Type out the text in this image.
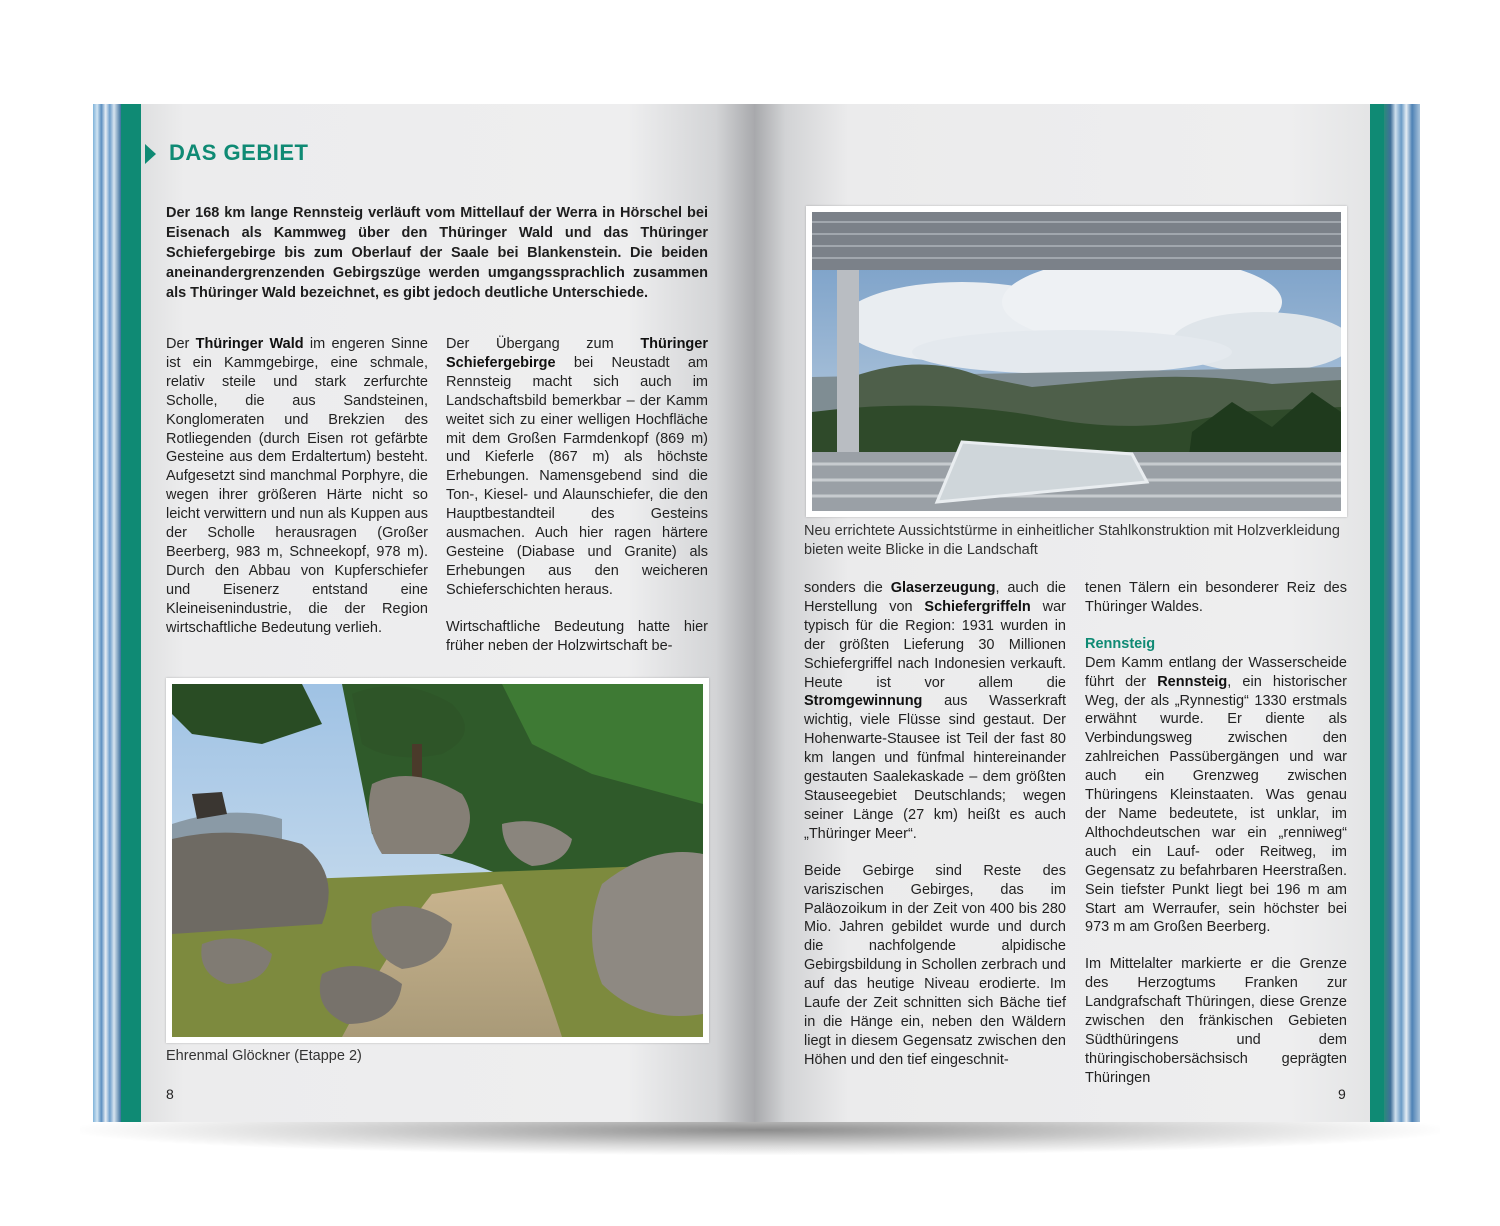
DAS GEBIET
Der 168 km lange Rennsteig verläuft vom Mittellauf der Werra in Hörschel bei Eisenach als Kammweg über den Thüringer Wald und das Thüringer Schiefergebirge bis zum Oberlauf der Saale bei Blankenstein. Die beiden aneinandergrenzenden Gebirgszüge werden umgangssprachlich zusammen als Thüringer Wald bezeichnet, es gibt jedoch deutliche Unterschiede.

Der Thüringer Wald im engeren Sinne ist ein Kammgebirge, eine schmale, relativ steile und stark zerfurchte Scholle, die aus Sandsteinen, Konglomeraten und Brekzien des Rotliegenden (durch Eisen rot gefärbte Gesteine aus dem Erdaltertum) besteht. Aufgesetzt sind manchmal Porphyre, die wegen ihrer größeren Härte nicht so leicht verwittern und nun als Kuppen aus der Scholle herausragen (Großer Beerberg, 983 m, Schneekopf, 978 m). Durch den Abbau von Kupferschiefer und Eisenerz entstand eine Kleineisenindustrie, die der Region wirtschaftliche Bedeutung verlieh.

Der Übergang zum Thüringer Schiefergebirge bei Neustadt am Rennsteig macht sich auch im Landschaftsbild bemerkbar – der Kamm weitet sich zu einer welligen Hochfläche mit dem Großen Farmdenkopf (869 m) und Kieferle (867 m) als höchste Erhebungen. Namensgebend sind die Ton-, Kiesel- und Alaunschiefer, die den Hauptbestandteil des Gesteins ausmachen. Auch hier ragen härtere Gesteine (Diabase und Granite) als Erhebungen aus den weicheren Schieferschichten heraus.

Wirtschaftliche Bedeutung hatte hier früher neben der Holzwirtschaft be-

Ehrenmal Glöckner (Etappe 2)
8
Neu errichtete Aussichtstürme in einheitlicher Stahlkonstruktion mit Holzverkleidung bieten weite Blicke in die Landschaft

sonders die Glaserzeugung, auch die Herstellung von Schiefergriffeln war typisch für die Region: 1931 wurden in der größten Lieferung 30 Millionen Schiefergriffel nach Indonesien verkauft. Heute ist vor allem die Stromgewinnung aus Wasserkraft wichtig, viele Flüsse sind gestaut. Der Hohenwarte-Stausee ist Teil der fast 80 km langen und fünfmal hintereinander gestauten Saalekaskade – dem größten Stauseegebiet Deutschlands; wegen seiner Länge (27 km) heißt es auch „Thüringer Meer“.

Beide Gebirge sind Reste des variszischen Gebirges, das im Paläozoikum in der Zeit von 400 bis 280 Mio. Jahren gebildet wurde und durch die nachfolgende alpidische Gebirgsbildung in Schollen zerbrach und auf das heutige Niveau erodierte. Im Laufe der Zeit schnitten sich Bäche tief in die Hänge ein, neben den Wäldern liegt in diesem Gegensatz zwischen den Höhen und den tief eingeschnit-

tenen Tälern ein besonderer Reiz des Thüringer Waldes.

Rennsteig

Dem Kamm entlang der Wasserscheide führt der Rennsteig, ein historischer Weg, der als „Rynnestig“ 1330 erstmals erwähnt wurde. Er diente als Verbindungsweg zwischen den zahlreichen Passübergängen und war auch ein Grenzweg zwischen Thüringens Kleinstaaten. Was genau der Name bedeutete, ist unklar, im Althochdeutschen war ein „renniweg“ auch ein Lauf- oder Reitweg, im Gegensatz zu befahrbaren Heerstraßen. Sein tiefster Punkt liegt bei 196 m am Start am Werraufer, sein höchster bei 973 m am Großen Beerberg.

Im Mittelalter markierte er die Grenze des Herzogtums Franken zur Landgrafschaft Thüringen, diese Grenze zwischen den fränkischen Gebieten Südthüringens und dem thüringischobersächsisch geprägten Thüringen

9
